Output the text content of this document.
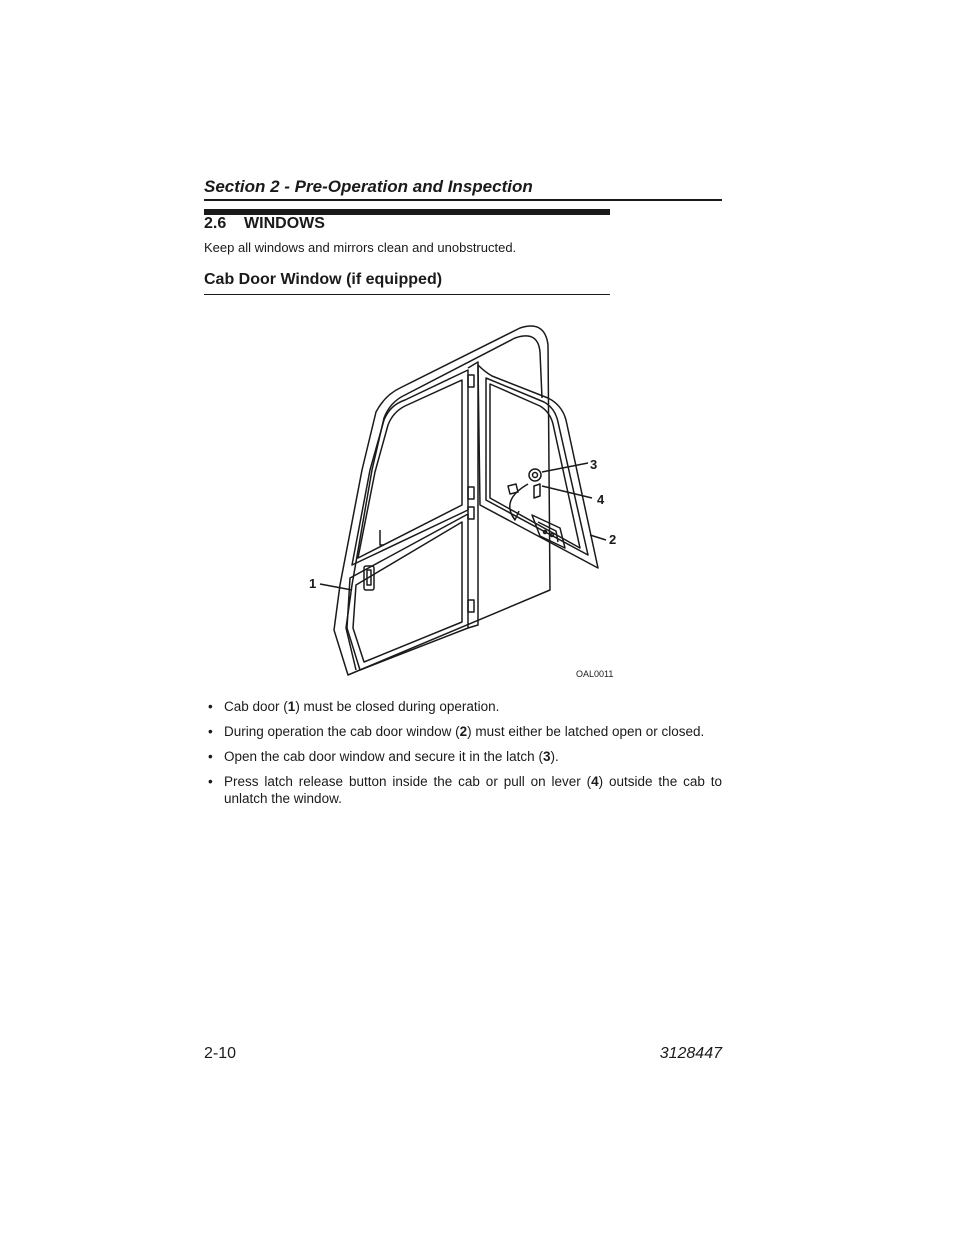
Section 2 - Pre-Operation and Inspection
2.6 WINDOWS
Keep all windows and mirrors clean and unobstructed.
Cab Door Window (if equipped)
1
2
3
4
OAL0011
• Cab door (1) must be closed during operation.
• During operation the cab door window (2) must either be latched open or closed.
• Open the cab door window and secure it in the latch (3).
• Press latch release button inside the cab or pull on lever (4) outside the cab to unlatch the window.
2-10	3128447
